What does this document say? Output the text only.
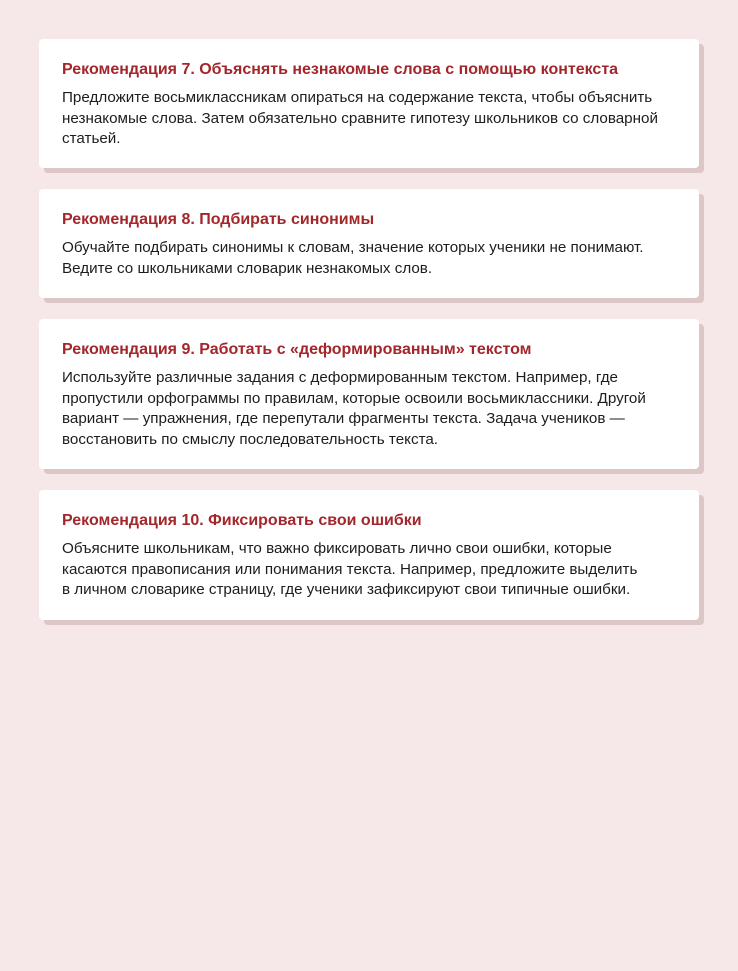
Рекомендация 7. Объяснять незнакомые слова с помощью контекста

Предложите восьмиклассникам опираться на содержание текста, чтобы объяснить
незнакомые слова. Затем обязательно сравните гипотезу школьников со словарной
статьей.

Рекомендация 8. Подбирать синонимы

Обучайте подбирать синонимы к словам, значение которых ученики не понимают.
Ведите со школьниками словарик незнакомых слов.

Рекомендация 9. Работать с «деформированным» текстом

Используйте различные задания с деформированным текстом. Например, где
пропустили орфограммы по правилам, которые освоили восьмиклассники. Другой
вариант — упражнения, где перепутали фрагменты текста. Задача учеников —
восстановить по смыслу последовательность текста.

Рекомендация 10. Фиксировать свои ошибки

Объясните школьникам, что важно фиксировать лично свои ошибки, которые
касаются правописания или понимания текста. Например, предложите выделить
в личном словарике страницу, где ученики зафиксируют свои типичные ошибки.
